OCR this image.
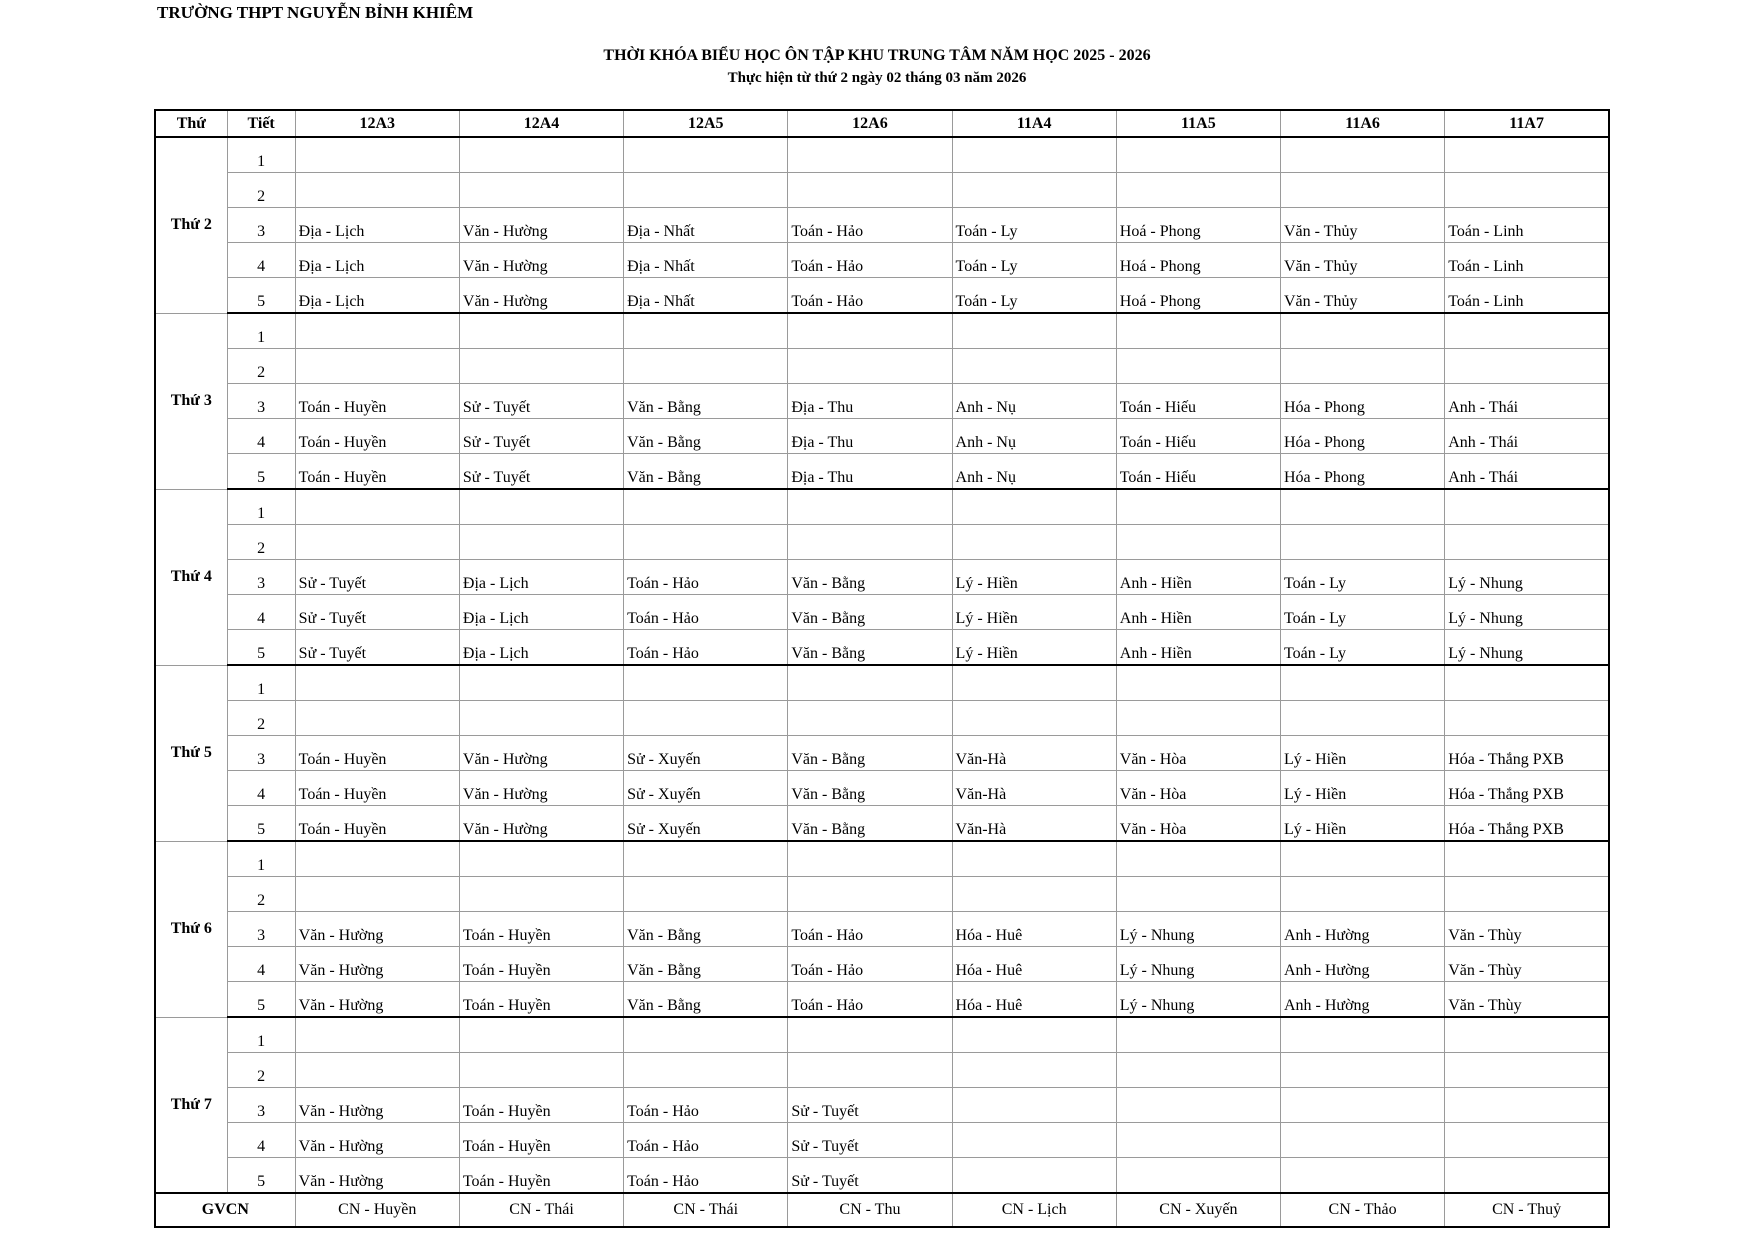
TRƯỜNG THPT NGUYỄN BỈNH KHIÊM
THỜI KHÓA BIỂU HỌC ÔN TẬP KHU TRUNG TÂM NĂM HỌC 2025 - 2026
Thực hiện từ thứ 2 ngày 02 tháng 03 năm 2026
Thứ	Tiết	12A3	12A4	12A5	12A6	11A4	11A5	11A6	11A7
Thứ 2	1								
	2								
	3	Địa - Lịch	Văn - Hường	Địa - Nhất	Toán - Hảo	Toán - Ly	Hoá - Phong	Văn - Thủy	Toán - Linh
	4	Địa - Lịch	Văn - Hường	Địa - Nhất	Toán - Hảo	Toán - Ly	Hoá - Phong	Văn - Thủy	Toán - Linh
	5	Địa - Lịch	Văn - Hường	Địa - Nhất	Toán - Hảo	Toán - Ly	Hoá - Phong	Văn - Thủy	Toán - Linh
Thứ 3	1								
	2								
	3	Toán - Huyền	Sử - Tuyết	Văn - Bằng	Địa - Thu	Anh - Nụ	Toán - Hiếu	Hóa - Phong	Anh - Thái
	4	Toán - Huyền	Sử - Tuyết	Văn - Bằng	Địa - Thu	Anh - Nụ	Toán - Hiếu	Hóa - Phong	Anh - Thái
	5	Toán - Huyền	Sử - Tuyết	Văn - Bằng	Địa - Thu	Anh - Nụ	Toán - Hiếu	Hóa - Phong	Anh - Thái
Thứ 4	1								
	2								
	3	Sử - Tuyết	Địa - Lịch	Toán - Hảo	Văn - Bằng	Lý - Hiền	Anh - Hiền	Toán - Ly	Lý - Nhung
	4	Sử - Tuyết	Địa - Lịch	Toán - Hảo	Văn - Bằng	Lý - Hiền	Anh - Hiền	Toán - Ly	Lý - Nhung
	5	Sử - Tuyết	Địa - Lịch	Toán - Hảo	Văn - Bằng	Lý - Hiền	Anh - Hiền	Toán - Ly	Lý - Nhung
Thứ 5	1								
	2								
	3	Toán - Huyền	Văn - Hường	Sử - Xuyến	Văn - Bằng	Văn-Hà	Văn - Hòa	Lý - Hiền	Hóa - Thắng PXB
	4	Toán - Huyền	Văn - Hường	Sử - Xuyến	Văn - Bằng	Văn-Hà	Văn - Hòa	Lý - Hiền	Hóa - Thắng PXB
	5	Toán - Huyền	Văn - Hường	Sử - Xuyến	Văn - Bằng	Văn-Hà	Văn - Hòa	Lý - Hiền	Hóa - Thắng PXB
Thứ 6	1								
	2								
	3	Văn - Hường	Toán - Huyền	Văn - Bằng	Toán - Hảo	Hóa - Huê	Lý - Nhung	Anh - Hường	Văn - Thùy
	4	Văn - Hường	Toán - Huyền	Văn - Bằng	Toán - Hảo	Hóa - Huê	Lý - Nhung	Anh - Hường	Văn - Thùy
	5	Văn - Hường	Toán - Huyền	Văn - Bằng	Toán - Hảo	Hóa - Huê	Lý - Nhung	Anh - Hường	Văn - Thùy
Thứ 7	1								
	2								
	3	Văn - Hường	Toán - Huyền	Toán - Hảo	Sử - Tuyết				
	4	Văn - Hường	Toán - Huyền	Toán - Hảo	Sử - Tuyết				
	5	Văn - Hường	Toán - Huyền	Toán - Hảo	Sử - Tuyết				
GVCN		CN - Huyền	CN - Thái	CN - Thái	CN - Thu	CN - Lịch	CN - Xuyến	CN - Thảo	CN - Thuỷ
